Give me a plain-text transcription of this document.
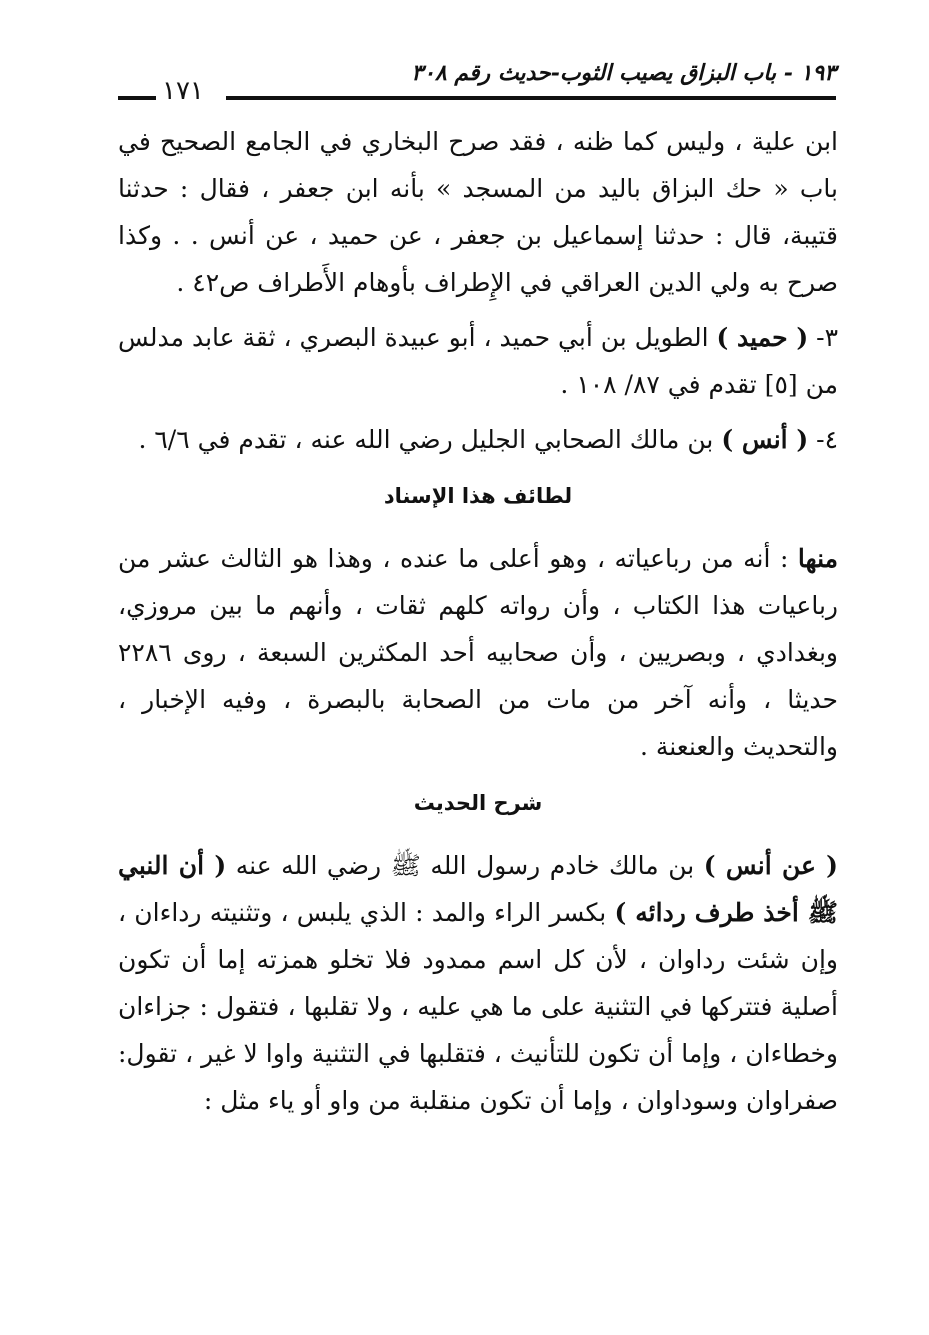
١٩٣ - باب البزاق يصيب الثوب-حديث رقم ٣٠٨
١٧١

ابن علية ، وليس كما ظنه ، فقد صرح البخاري في الجامع الصحيح في باب « حك البزاق باليد من المسجد » بأنه ابن جعفر ، فقال : حدثنا قتيبة، قال : حدثنا إسماعيل بن جعفر ، عن حميد ، عن أنس . . وكذا صرح به ولي الدين العراقي في الإِطراف بأوهام الأَطراف ص٤٢ .

٣- ( حميد ) الطويل بن أبي حميد ، أبو عبيدة البصري ، ثقة عابد مدلس من [٥] تقدم في ٨٧/ ١٠٨ .

٤- ( أنس ) بن مالك الصحابي الجليل رضي الله عنه ، تقدم في ٦/٦ .

لطائف هذا الإسناد

منها : أنه من رباعياته ، وهو أعلى ما عنده ، وهذا هو الثالث عشر من رباعيات هذا الكتاب ، وأن رواته كلهم ثقات ، وأنهم ما بين مروزي، وبغدادي ، وبصريين ، وأن صحابيه أحد المكثرين السبعة ، روى ٢٢٨٦ حديثا ، وأنه آخر من مات من الصحابة بالبصرة ، وفيه الإخبار ، والتحديث والعنعنة .

شرح الحديث

( عن أنس ) بن مالك خادم رسول الله ﷺ رضي الله عنه ( أن النبي ﷺ أخذ طرف ردائه ) بكسر الراء والمد : الذي يلبس ، وتثنيته رداءان ، وإن شئت رداوان ، لأن كل اسم ممدود فلا تخلو همزته إما أن تكون أصلية فتتركها في التثنية على ما هي عليه ، ولا تقلبها ، فتقول : جزاءان وخطاءان ، وإما أن تكون للتأنيث ، فتقلبها في التثنية واوا لا غير ، تقول: صفراوان وسوداوان ، وإما أن تكون منقلبة من واو أو ياء مثل :
